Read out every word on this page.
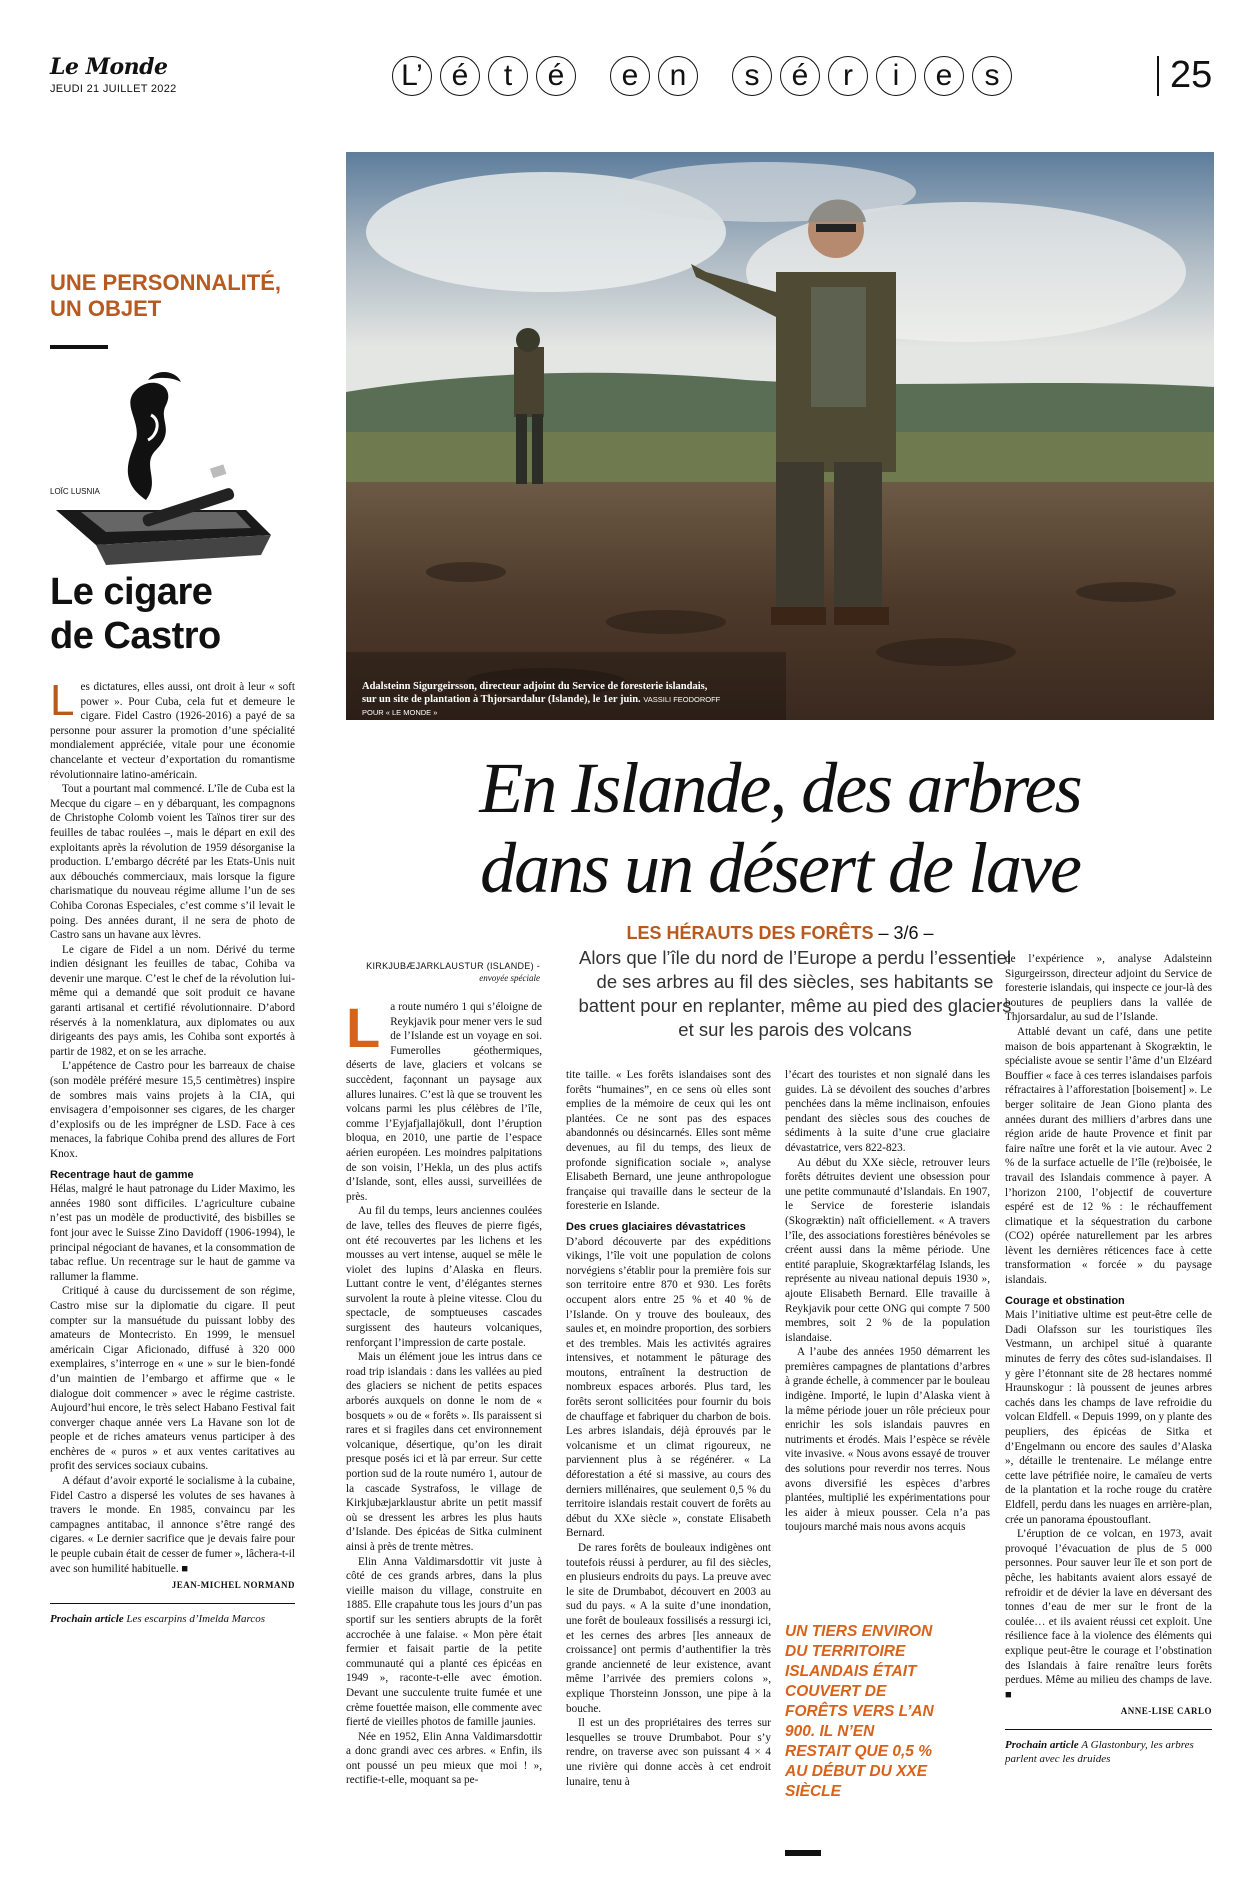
Le Monde
JEUDI 21 JUILLET 2022	L’ é	t	é	e	n	s	é	r	i	e	s	25
UNE PERSONNALITÉ,
UN OBJET
LOÏC LUSNIA
Le cigare
de Castro
L es dictatures, elles aussi, ont droit à leur « soft power ». Pour Cuba, cela fut et demeure le cigare. Fidel Castro (1926-2016) a payé de sa personne pour assurer la promotion d’une spécialité mondialement appréciée, vitale pour une économie chancelante et vecteur d’exportation du romantisme révolutionnaire latino-américain.

Tout a pourtant mal commencé. L’île de Cuba est la Mecque du cigare – en y débarquant, les compagnons de Christophe Colomb voient les Taïnos tirer sur des feuilles de tabac roulées –, mais le départ en exil des exploitants après la révolution de 1959 désorganise la production. L’embargo décrété par les Etats-Unis nuit aux débouchés commerciaux, mais lorsque la figure charismatique du nouveau régime allume l’un de ses Cohiba Coronas Especiales, c’est comme s’il levait le poing. Des années durant, il ne sera de photo de Castro sans un havane aux lèvres.

Le cigare de Fidel a un nom. Dérivé du terme indien désignant les feuilles de tabac, Cohiba va devenir une marque. C’est le chef de la révolution lui-même qui a demandé que soit produit ce havane garanti artisanal et certifié révolutionnaire. D’abord réservés à la nomenklatura, aux diplomates ou aux dirigeants des pays amis, les Cohiba sont exportés à partir de 1982, et on se les arrache.

L’appétence de Castro pour les barreaux de chaise (son modèle préféré mesure 15,5 centimètres) inspire de sombres mais vains projets à la CIA, qui envisagera d’empoisonner ses cigares, de les charger d’explosifs ou de les imprégner de LSD. Face à ces menaces, la fabrique Cohiba prend des allures de Fort Knox.

Recentrage haut de gamme

Hélas, malgré le haut patronage du Lider Maximo, les années 1980 sont difficiles. L’agriculture cubaine n’est pas un modèle de productivité, des bisbilles se font jour avec le Suisse Zino Davidoff (1906-1994), le principal négociant de havanes, et la consommation de tabac reflue. Un recentrage sur le haut de gamme va rallumer la flamme.

Critiqué à cause du durcissement de son régime, Castro mise sur la diplomatie du cigare. Il peut compter sur la mansuétude du puissant lobby des amateurs de Montecristo. En 1999, le mensuel américain Cigar Aficionado, diffusé à 320 000 exemplaires, s’interroge en « une » sur le bien-fondé d’un maintien de l’embargo et affirme que « le dialogue doit commencer » avec le régime castriste. Aujourd’hui encore, le très select Habano Festival fait converger chaque année vers La Havane son lot de people et de riches amateurs venus participer à des enchères de « puros » et aux ventes caritatives au profit des services sociaux cubains.

A défaut d’avoir exporté le socialisme à la cubaine, Fidel Castro a dispersé les volutes de ses havanes à travers le monde. En 1985, convaincu par les campagnes antitabac, il annonce s’être rangé des cigares. « Le dernier sacrifice que je devais faire pour le peuple cubain était de cesser de fumer », lâchera-t-il avec son humilité habituelle. ■

JEAN-MICHEL NORMAND
Prochain article Les escarpins d’Imelda Marcos
Adalsteinn Sigurgeirsson, directeur adjoint du Service de foresterie islandais, sur un site de plantation à Thjorsardalur (Islande), le 1er juin. VASSILI FEODOROFF POUR « LE MONDE »
En Islande, des arbres
dans un désert de lave
LES HÉRAUTS DES FORÊTS – 3/6 –
Alors que l’île du nord de l’Europe a perdu l’essentiel de ses arbres au fil des siècles, ses habitants se battent pour en replanter, même au pied des glaciers et sur les parois des volcans
KIRKJUBÆJARKLAUSTUR (ISLANDE) -
envoyée spéciale
L a route numéro 1 qui s’éloigne de Reykjavik pour mener vers le sud de l’Islande est un voyage en soi. Fumerolles géothermiques, déserts de lave, glaciers et volcans se succèdent, façonnant un paysage aux allures lunaires. C’est là que se trouvent les volcans parmi les plus célèbres de l’île, comme l’Eyjafjallajökull, dont l’éruption bloqua, en 2010, une partie de l’espace aérien européen. Les moindres palpitations de son voisin, l’Hekla, un des plus actifs d’Islande, sont, elles aussi, surveillées de près.

Au fil du temps, leurs anciennes coulées de lave, telles des fleuves de pierre figés, ont été recouvertes par les lichens et les mousses au vert intense, auquel se mêle le violet des lupins d’Alaska en fleurs. Luttant contre le vent, d’élégantes sternes survolent la route à pleine vitesse. Clou du spectacle, de somptueuses cascades surgissent des hauteurs volcaniques, renforçant l’impression de carte postale.

Mais un élément joue les intrus dans ce road trip islandais : dans les vallées au pied des glaciers se nichent de petits espaces arborés auxquels on donne le nom de « bosquets » ou de « forêts ». Ils paraissent si rares et si fragiles dans cet environnement volcanique, désertique, qu’on les dirait presque posés ici et là par erreur. Sur cette portion sud de la route numéro 1, autour de la cascade Systrafoss, le village de Kirkjubæjarklaustur abrite un petit massif où se dressent les arbres les plus hauts d’Islande. Des épicéas de Sitka culminent ainsi à près de trente mètres.

Elin Anna Valdimarsdottir vit juste à côté de ces grands arbres, dans la plus vieille maison du village, construite en 1885. Elle crapahute tous les jours d’un pas sportif sur les sentiers abrupts de la forêt accrochée à une falaise. « Mon père était fermier et faisait partie de la petite communauté qui a planté ces épicéas en 1949 », raconte-t-elle avec émotion. Devant une succulente truite fumée et une crème fouettée maison, elle commente avec fierté de vieilles photos de famille jaunies.

Née en 1952, Elin Anna Valdimarsdottir a donc grandi avec ces arbres. « Enfin, ils ont poussé un peu mieux que moi ! », rectifie-t-elle, moquant sa pe-

tite taille. « Les forêts islandaises sont des forêts “humaines”, en ce sens où elles sont emplies de la mémoire de ceux qui les ont plantées. Ce ne sont pas des espaces abandonnés ou désincarnés. Elles sont même devenues, au fil du temps, des lieux de profonde signification sociale », analyse Elisabeth Bernard, une jeune anthropologue française qui travaille dans le secteur de la foresterie en Islande.

Des crues glaciaires dévastatrices

D’abord découverte par des expéditions vikings, l’île voit une population de colons norvégiens s’établir pour la première fois sur son territoire entre 870 et 930. Les forêts occupent alors entre 25 % et 40 % de l’Islande. On y trouve des bouleaux, des saules et, en moindre proportion, des sorbiers et des trembles. Mais les activités agraires intensives, et notamment le pâturage des moutons, entraînent la destruction de nombreux espaces arborés. Plus tard, les forêts seront sollicitées pour fournir du bois de chauffage et fabriquer du charbon de bois. Les arbres islandais, déjà éprouvés par le volcanisme et un climat rigoureux, ne parviennent plus à se régénérer. « La déforestation a été si massive, au cours des derniers millénaires, que seulement 0,5 % du territoire islandais restait couvert de forêts au début du XXe siècle », constate Elisabeth Bernard.

De rares forêts de bouleaux indigènes ont toutefois réussi à perdurer, au fil des siècles, en plusieurs endroits du pays. La preuve avec le site de Drumbabot, découvert en 2003 au sud du pays. « A la suite d’une inondation, une forêt de bouleaux fossilisés a ressurgi ici, et les cernes des arbres [les anneaux de croissance] ont permis d’authentifier la très grande ancienneté de leur existence, avant même l’arrivée des premiers colons », explique Thorsteinn Jonsson, une pipe à la bouche.

Il est un des propriétaires des terres sur lesquelles se trouve Drumbabot. Pour s’y rendre, on traverse avec son puissant 4 × 4 une rivière qui donne accès à cet endroit lunaire, tenu à

l’écart des touristes et non signalé dans les guides. Là se dévoilent des souches d’arbres penchées dans la même inclinaison, enfouies pendant des siècles sous des couches de sédiments à la suite d’une crue glaciaire dévastatrice, vers 822-823.

Au début du XXe siècle, retrouver leurs forêts détruites devient une obsession pour une petite communauté d’Islandais. En 1907, le Service de foresterie islandais (Skogræktin) naît officiellement. « A travers l’île, des associations forestières bénévoles se créent aussi dans la même période. Une entité parapluie, Skogræktarfélag Islands, les représente au niveau national depuis 1930 », ajoute Elisabeth Bernard. Elle travaille à Reykjavik pour cette ONG qui compte 7 500 membres, soit 2 % de la population islandaise.

A l’aube des années 1950 démarrent les premières campagnes de plantations d’arbres à grande échelle, à commencer par le bouleau indigène. Importé, le lupin d’Alaska vient à la même période jouer un rôle précieux pour enrichir les sols islandais pauvres en nutriments et érodés. Mais l’espèce se révèle vite invasive. « Nous avons essayé de trouver des solutions pour reverdir nos terres. Nous avons diversifié les espèces d’arbres plantées, multiplié les expérimentations pour les aider à mieux pousser. Cela n’a pas toujours marché mais nous avons acquis

UN TIERS ENVIRON DU TERRITOIRE ISLANDAIS ÉTAIT COUVERT DE FORÊTS VERS L’AN 900. IL N’EN RESTAIT QUE 0,5 % AU DÉBUT DU XXE SIÈCLE

de l’expérience », analyse Adalsteinn Sigurgeirsson, directeur adjoint du Service de foresterie islandais, qui inspecte ce jour-là des boutures de peupliers dans la vallée de Thjorsardalur, au sud de l’Islande.

Attablé devant un café, dans une petite maison de bois appartenant à Skogræktin, le spécialiste avoue se sentir l’âme d’un Elzéard Bouffier « face à ces terres islandaises parfois réfractaires à l’afforestation [boisement] ». Le berger solitaire de Jean Giono planta des années durant des milliers d’arbres dans une région aride de haute Provence et finit par faire naître une forêt et la vie autour. Avec 2 % de la surface actuelle de l’île (re)boisée, le travail des Islandais commence à payer. A l’horizon 2100, l’objectif de couverture espéré est de 12 % : le réchauffement climatique et la séquestration du carbone (CO2) opérée naturellement par les arbres lèvent les dernières réticences face à cette transformation « forcée » du paysage islandais.

Courage et obstination

Mais l’initiative ultime est peut-être celle de Dadi Olafsson sur les touristiques îles Vestmann, un archipel situé à quarante minutes de ferry des côtes sud-islandaises. Il y gère l’étonnant site de 28 hectares nommé Hraunskogur : là poussent de jeunes arbres cachés dans les champs de lave refroidie du volcan Eldfell. « Depuis 1999, on y plante des peupliers, des épicéas de Sitka et d’Engelmann ou encore des saules d’Alaska », détaille le trentenaire. Le mélange entre cette lave pétrifiée noire, le camaïeu de verts de la plantation et la roche rouge du cratère Eldfell, perdu dans les nuages en arrière-plan, crée un panorama époustouflant.

L’éruption de ce volcan, en 1973, avait provoqué l’évacuation de plus de 5 000 personnes. Pour sauver leur île et son port de pêche, les habitants avaient alors essayé de refroidir et de dévier la lave en déversant des tonnes d’eau de mer sur le front de la coulée… et ils avaient réussi cet exploit. Une résilience face à la violence des éléments qui explique peut-être le courage et l’obstination des Islandais à faire renaître leurs forêts perdues. Même au milieu des champs de lave. ■

ANNE-LISE CARLO
Prochain article A Glastonbury, les arbres parlent avec les druides
